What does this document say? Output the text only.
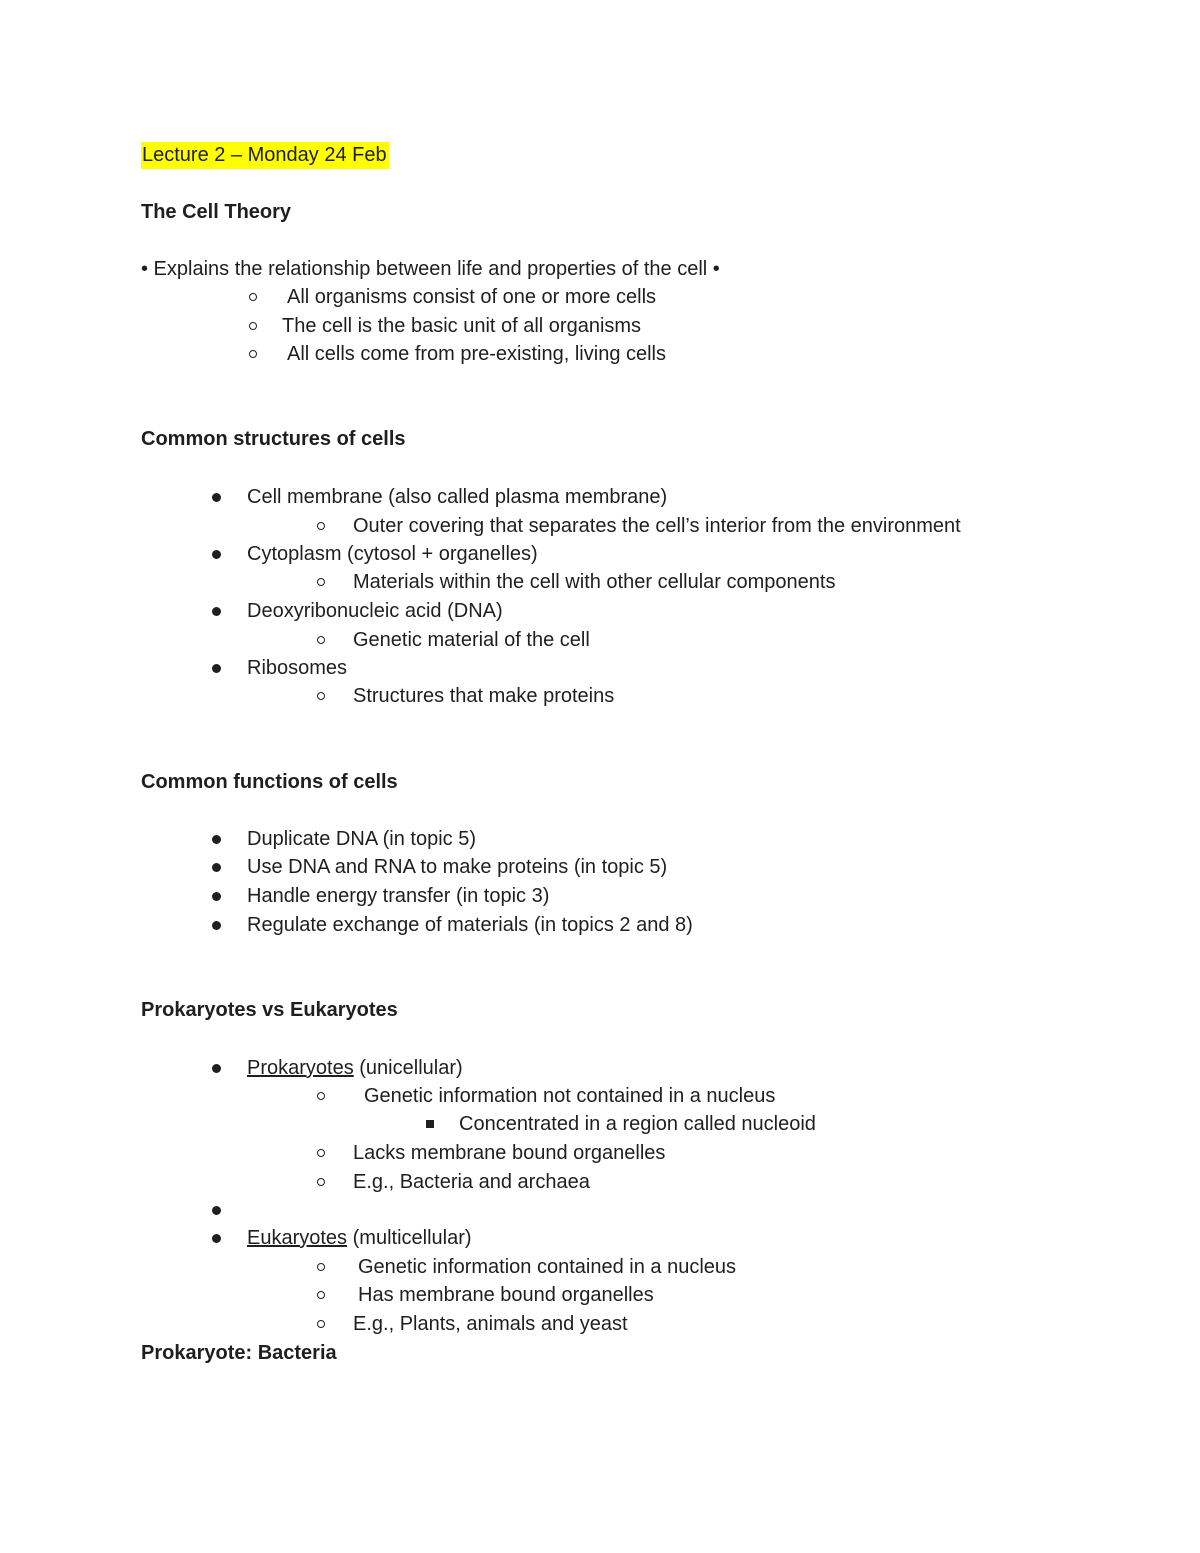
Lecture 2 – Monday 24 Feb
The Cell Theory
• Explains the relationship between life and properties of the cell •
All organisms consist of one or more cells
The cell is the basic unit of all organisms
All cells come from pre-existing, living cells
Common structures of cells
Cell membrane (also called plasma membrane)
Outer covering that separates the cell’s interior from the environment
Cytoplasm (cytosol + organelles)
Materials within the cell with other cellular components
Deoxyribonucleic acid (DNA)
Genetic material of the cell
Ribosomes
Structures that make proteins
Common functions of cells
Duplicate DNA (in topic 5)
Use DNA and RNA to make proteins (in topic 5)
Handle energy transfer (in topic 3)
Regulate exchange of materials (in topics 2 and 8)
Prokaryotes vs Eukaryotes
Prokaryotes (unicellular)
Genetic information not contained in a nucleus
Concentrated in a region called nucleoid
Lacks membrane bound organelles
E.g., Bacteria and archaea
Eukaryotes (multicellular)
Genetic information contained in a nucleus
Has membrane bound organelles
E.g., Plants, animals and yeast
Prokaryote: Bacteria
